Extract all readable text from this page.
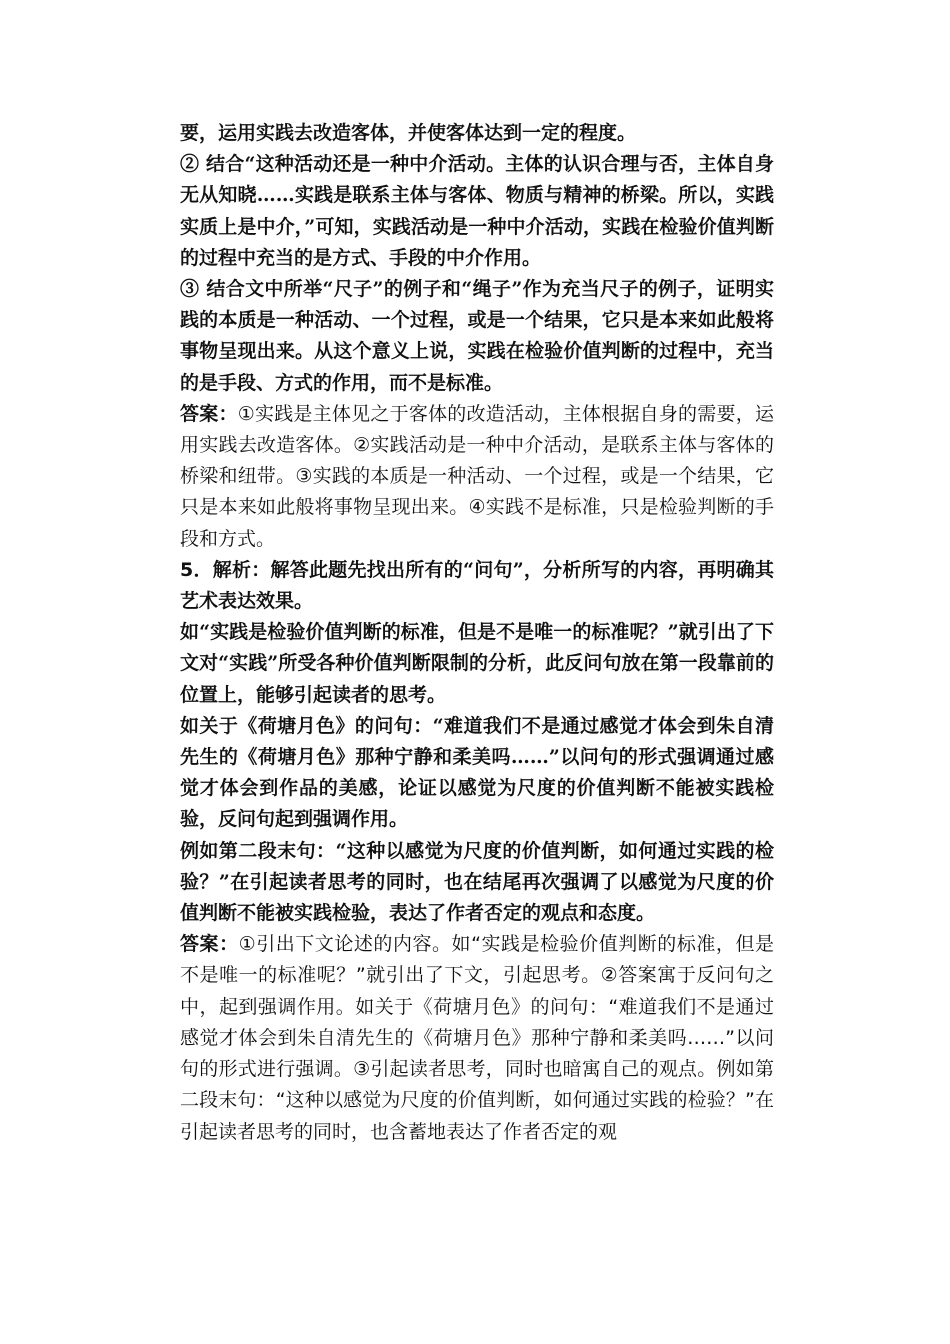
要，运用实践去改造客体，并使客体达到一定的程度。

② 结合“这种活动还是一种中介活动。主体的认识合理与否，主体自身无从知晓……实践是联系主体与客体、物质与精神的桥梁。所以，实践实质上是中介，”可知，实践活动是一种中介活动，实践在检验价值判断的过程中充当的是方式、手段的中介作用。

③ 结合文中所举“尺子”的例子和“绳子”作为充当尺子的例子，证明实践的本质是一种活动、一个过程，或是一个结果，它只是本来如此般将事物呈现出来。从这个意义上说，实践在检验价值判断的过程中，充当的是手段、方式的作用，而不是标准。

答案：①实践是主体见之于客体的改造活动，主体根据自身的需要，运用实践去改造客体。②实践活动是一种中介活动，是联系主体与客体的桥梁和纽带。③实践的本质是一种活动、一个过程，或是一个结果，它只是本来如此般将事物呈现出来。④实践不是标准，只是检验判断的手段和方式。

5．解析：解答此题先找出所有的“问句”，分析所写的内容，再明确其艺术表达效果。

如“实践是检验价值判断的标准，但是不是唯一的标准呢？”就引出了下文对“实践”所受各种价值判断限制的分析，此反问句放在第一段靠前的位置上，能够引起读者的思考。

如关于《荷塘月色》的问句：“难道我们不是通过感觉才体会到朱自清先生的《荷塘月色》那种宁静和柔美吗……”以问句的形式强调通过感觉才体会到作品的美感，论证以感觉为尺度的价值判断不能被实践检验，反问句起到强调作用。

例如第二段末句：“这种以感觉为尺度的价值判断，如何通过实践的检验？”在引起读者思考的同时，也在结尾再次强调了以感觉为尺度的价值判断不能被实践检验，表达了作者否定的观点和态度。

答案：①引出下文论述的内容。如“实践是检验价值判断的标准，但是不是唯一的标准呢？”就引出了下文，引起思考。②答案寓于反问句之中，起到强调作用。如关于《荷塘月色》的问句：“难道我们不是通过感觉才体会到朱自清先生的《荷塘月色》那种宁静和柔美吗……”以问句的形式进行强调。③引起读者思考，同时也暗寓自己的观点。例如第二段末句：“这种以感觉为尺度的价值判断，如何通过实践的检验？”在引起读者思考的同时，也含蓄地表达了作者否定的观
